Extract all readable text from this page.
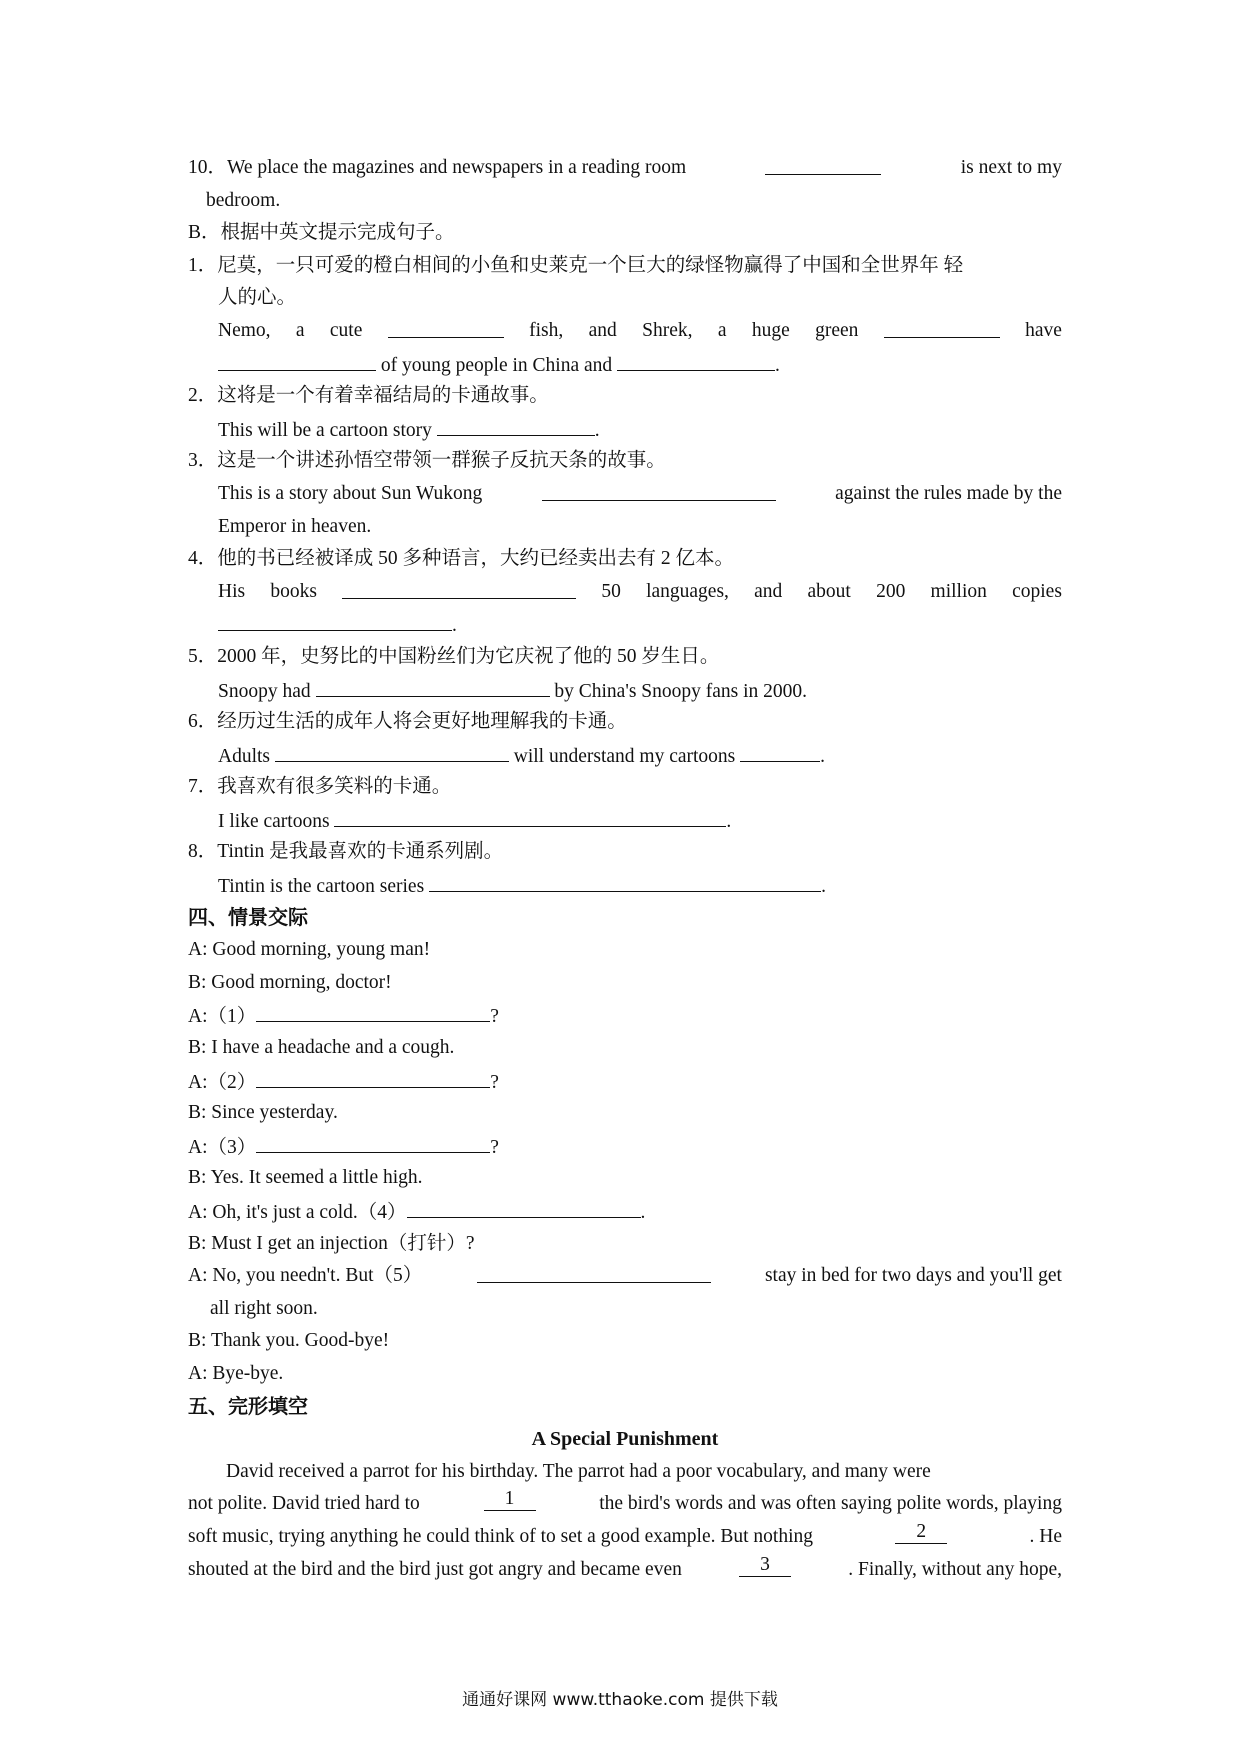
10．We place the magazines and newspapers in a reading room	is next to my
bedroom.
B．根据中英文提示完成句子。
1．尼莫，一只可爱的橙白相间的小鱼和史莱克一个巨大的绿怪物赢得了中国和全世界年 轻
人的心。
Nemo, a cute	fish, and Shrek, a huge green	have
of young people in China and	.
2．这将是一个有着幸福结局的卡通故事。
This will be a cartoon story	.
3．这是一个讲述孙悟空带领一群猴子反抗天条的故事。
This is a story about Sun Wukong	against the rules made by the
Emperor in heaven.
4．他的书已经被译成 50 多种语言，大约已经卖出去有 2 亿本。
His books	50 languages, and about 200 million copies
.
5．2000 年，史努比的中国粉丝们为它庆祝了他的 50 岁生日。
Snoopy had	by China's Snoopy fans in 2000.
6．经历过生活的成年人将会更好地理解我的卡通。
Adults	will understand my cartoons	.
7．我喜欢有很多笑料的卡通。
I like cartoons	.
8．Tintin 是我最喜欢的卡通系列剧。
Tintin is the cartoon series	.
四、情景交际
A: Good morning, young man!
B: Good morning, doctor!
A:（1）	?
B: I have a headache and a cough.
A:（2）	?
B: Since yesterday.
A:（3）	?
B: Yes. It seemed a little high.
A: Oh, it's just a cold.（4）	.
B: Must I get an injection（打针）?
A: No, you needn't. But（5）	stay in bed for two days and you'll get
all right soon.
B: Thank you. Good-bye!
A: Bye-bye.
五、完形填空
A Special Punishment
David received a parrot for his birthday. The parrot had a poor vocabulary, and many were
not polite. David tried hard to	1	the bird's words and was often saying polite words, playing
soft music, trying anything he could think of to set a good example. But nothing	2	. He
shouted at the bird and the bird just got angry and became even	3	. Finally, without any hope,
通通好课网 www.tthaoke.com 提供下载
